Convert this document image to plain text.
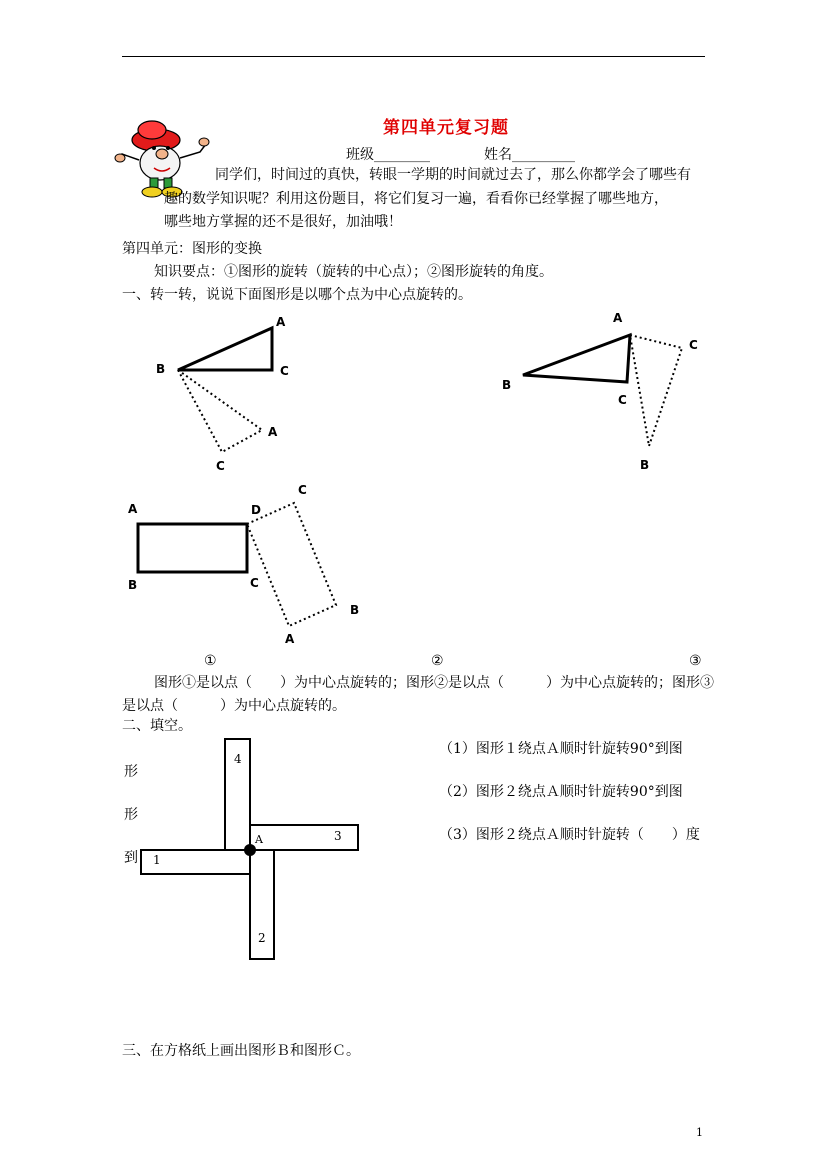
第四单元复习题
班级________	姓名_________
同学们，时间过的真快，转眼一学期的时间就过去了，那么你都学会了哪些有
趣的数学知识呢？利用这份题目，将它们复习一遍，看看你已经掌握了哪些地方，
哪些地方掌握的还不是很好，加油哦！
第四单元：图形的变换
知识要点：①图形的旋转（旋转的中心点）；②图形旋转的角度。
一、转一转，说说下面图形是以哪个点为中心点旋转的。
A
B	C
A
C
A
C
B
C
B
A	D
C
B	C
B
A
①	②	③
图形①是以点（　　）为中心点旋转的；图形②是以点（　　　）为中心点旋转的；图形③
是以点（　　　）为中心点旋转的。
二、填空。
4
3
2
1
A
（1）图形１绕点Ａ顺时针旋转90°到图
形
（2）图形２绕点Ａ顺时针旋转90°到图
形
（3）图形２绕点Ａ顺时针旋转（　　）度
到
三、在方格纸上画出图形Ｂ和图形Ｃ。
1
